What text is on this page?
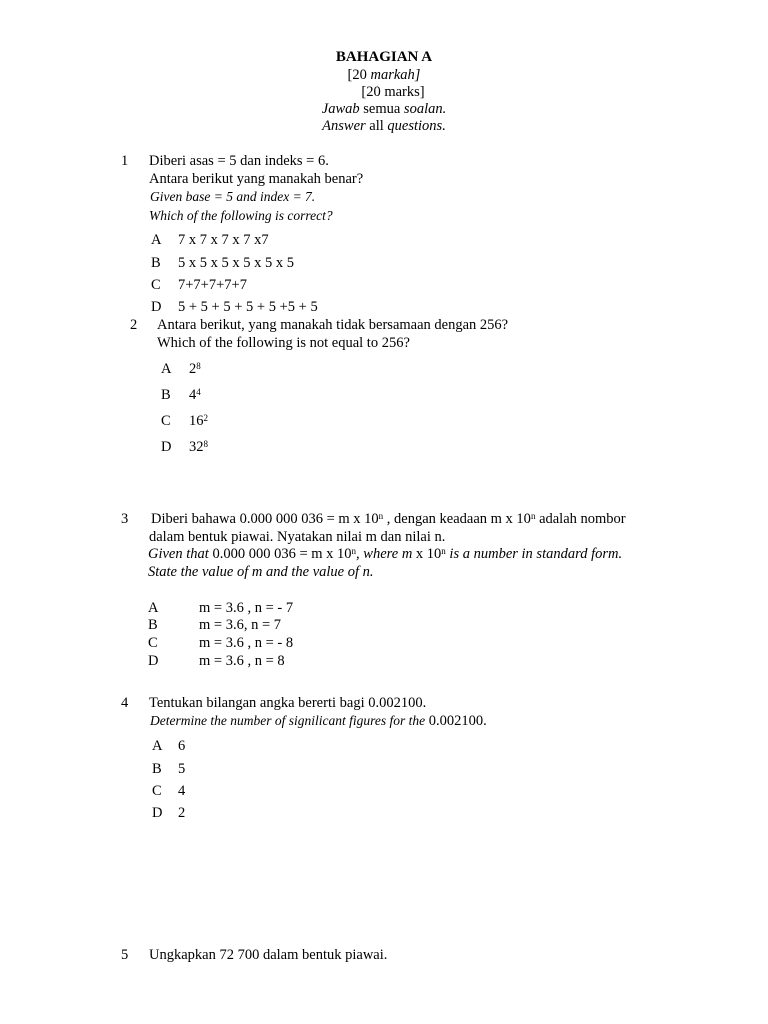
BAHAGIAN A
[20 markah]
[20 marks]
Jawab semua soalan.
Answer all questions.
1 Diberi asas = 5 dan indeks = 6.
Antara berikut yang manakah benar?
Given base = 5 and index = 7.
Which of the following is correct?
A 7 x 7 x 7 x 7 x7
B 5 x 5 x 5 x 5 x 5 x 5
C 7+7+7+7+7
D 5 + 5 + 5 + 5 + 5 +5 + 5
2 Antara berikut, yang manakah tidak bersamaan dengan 256?
Which of the following is not equal to 256?
A $2^8$
B $4^4$
C $16^2$
D $32^8$
3 Diberi bahawa 0.000 000 036 = m x 10$^n$ , dengan keadaan m x 10$^n$ adalah nombor
dalam bentuk piawai. Nyatakan nilai m dan nilai n.
Given that 0.000 000 036 = m x 10$^n$, where m x 10$^n$ is a number in standard form.
State the value of m and the value of n.
A	m = 3.6 , n = - 7
B	m = 3.6, n = 7
C	m = 3.6 , n = - 8
D	m = 3.6 , n = 8
4 Tentukan bilangan angka bererti bagi 0.002100.
Determine the number of signilicant figures for the 0.002100.
A 6
B 5
C 4
D 2
5 Ungkapkan 72 700 dalam bentuk piawai.
